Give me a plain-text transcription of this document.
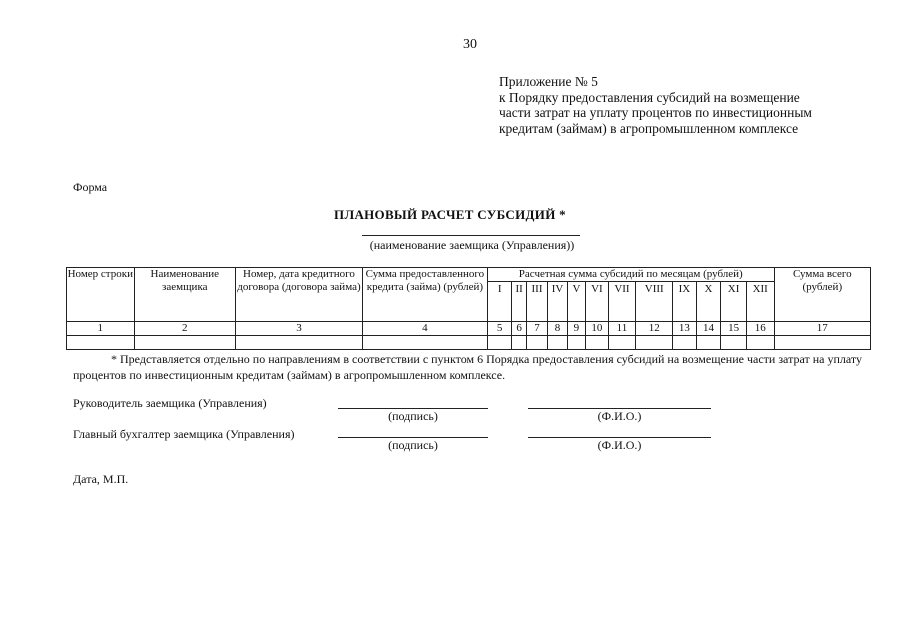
30
Приложение № 5
к Порядку предоставления субсидий на возмещение
части затрат на уплату процентов по инвестиционным
кредитам (займам) в агропромышленном комплексе
Форма
ПЛАНОВЫЙ РАСЧЕТ СУБСИДИЙ *
(наименование заемщика (Управления))
Номер строки	Наименование заемщика	Номер, дата кредитного договора (договора займа)	Сумма предоставленного кредита (займа) (рублей)	Расчетная сумма субсидий по месяцам (рублей)												Сумма всего (рублей)
				I	II	III	IV	V	VI	VII	VIII	IX	X	XI	XII	
1	2	3	4	5	6	7	8	9	10	11	12	13	14	15	16	17

* Представляется отдельно по направлениям в соответствии с пунктом 6 Порядка предоставления субсидий на возмещение части затрат на уплату процентов по инвестиционным кредитам (займам) в агропромышленном комплексе.
Руководитель заемщика (Управления)
(подпись)	(Ф.И.О.)
Главный бухгалтер заемщика (Управления)
(подпись)	(Ф.И.О.)
Дата, М.П.
